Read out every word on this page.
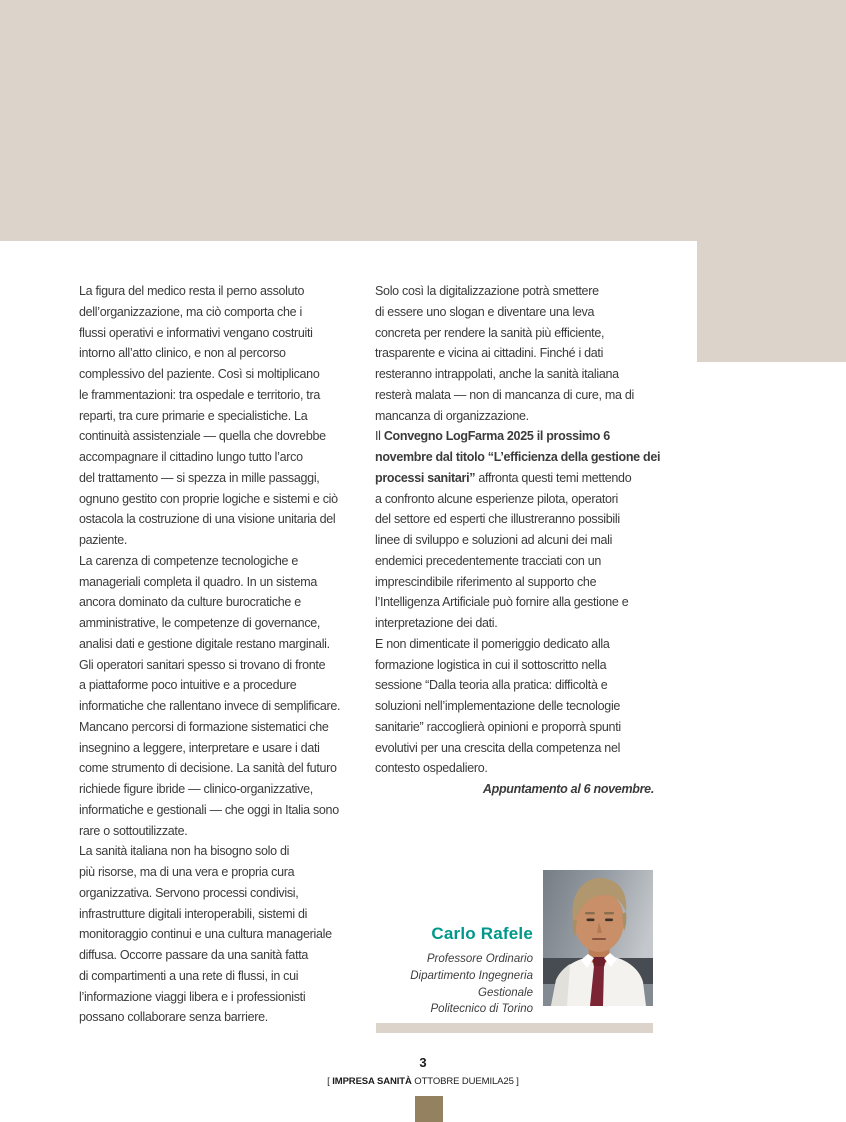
La figura del medico resta il perno assoluto
dell’organizzazione, ma ciò comporta che i
flussi operativi e informativi vengano costruiti
intorno all’atto clinico, e non al percorso
complessivo del paziente. Così si moltiplicano
le frammentazioni: tra ospedale e territorio, tra
reparti, tra cure primarie e specialistiche. La
continuità assistenziale — quella che dovrebbe
accompagnare il cittadino lungo tutto l’arco
del trattamento — si spezza in mille passaggi,
ognuno gestito con proprie logiche e sistemi e ciò
ostacola la costruzione di una visione unitaria del
paziente.
La carenza di competenze tecnologiche e
manageriali completa il quadro. In un sistema
ancora dominato da culture burocratiche e
amministrative, le competenze di governance,
analisi dati e gestione digitale restano marginali.
Gli operatori sanitari spesso si trovano di fronte
a piattaforme poco intuitive e a procedure
informatiche che rallentano invece di semplificare.
Mancano percorsi di formazione sistematici che
insegnino a leggere, interpretare e usare i dati
come strumento di decisione. La sanità del futuro
richiede figure ibride — clinico-organizzative,
informatiche e gestionali — che oggi in Italia sono
rare o sottoutilizzate.
La sanità italiana non ha bisogno solo di
più risorse, ma di una vera e propria cura
organizzativa. Servono processi condivisi,
infrastrutture digitali interoperabili, sistemi di
monitoraggio continui e una cultura manageriale
diffusa. Occorre passare da una sanità fatta
di compartimenti a una rete di flussi, in cui
l’informazione viaggi libera e i professionisti
possano collaborare senza barriere.
Solo così la digitalizzazione potrà smettere
di essere uno slogan e diventare una leva
concreta per rendere la sanità più efficiente,
trasparente e vicina ai cittadini. Finché i dati
resteranno intrappolati, anche la sanità italiana
resterà malata — non di mancanza di cure, ma di
mancanza di organizzazione.
Il Convegno LogFarma 2025 il prossimo 6
novembre dal titolo “L’efficienza della gestione dei
processi sanitari” affronta questi temi mettendo
a confronto alcune esperienze pilota, operatori
del settore ed esperti che illustreranno possibili
linee di sviluppo e soluzioni ad alcuni dei mali
endemici precedentemente tracciati con un
imprescindibile riferimento al supporto che
l’Intelligenza Artificiale può fornire alla gestione e
interpretazione dei dati.
E non dimenticate il pomeriggio dedicato alla
formazione logistica in cui il sottoscritto nella
sessione “Dalla teoria alla pratica: difficoltà e
soluzioni nell’implementazione delle tecnologie
sanitarie” raccoglierà opinioni e proporrà spunti
evolutivi per una crescita della competenza nel
contesto ospedaliero.
Appuntamento al 6 novembre.
Carlo Rafele
Professore Ordinario
Dipartimento Ingegneria
Gestionale
Politecnico di Torino
3
[ IMPRESA SANITÀ OTTOBRE DUEMILA25 ]
